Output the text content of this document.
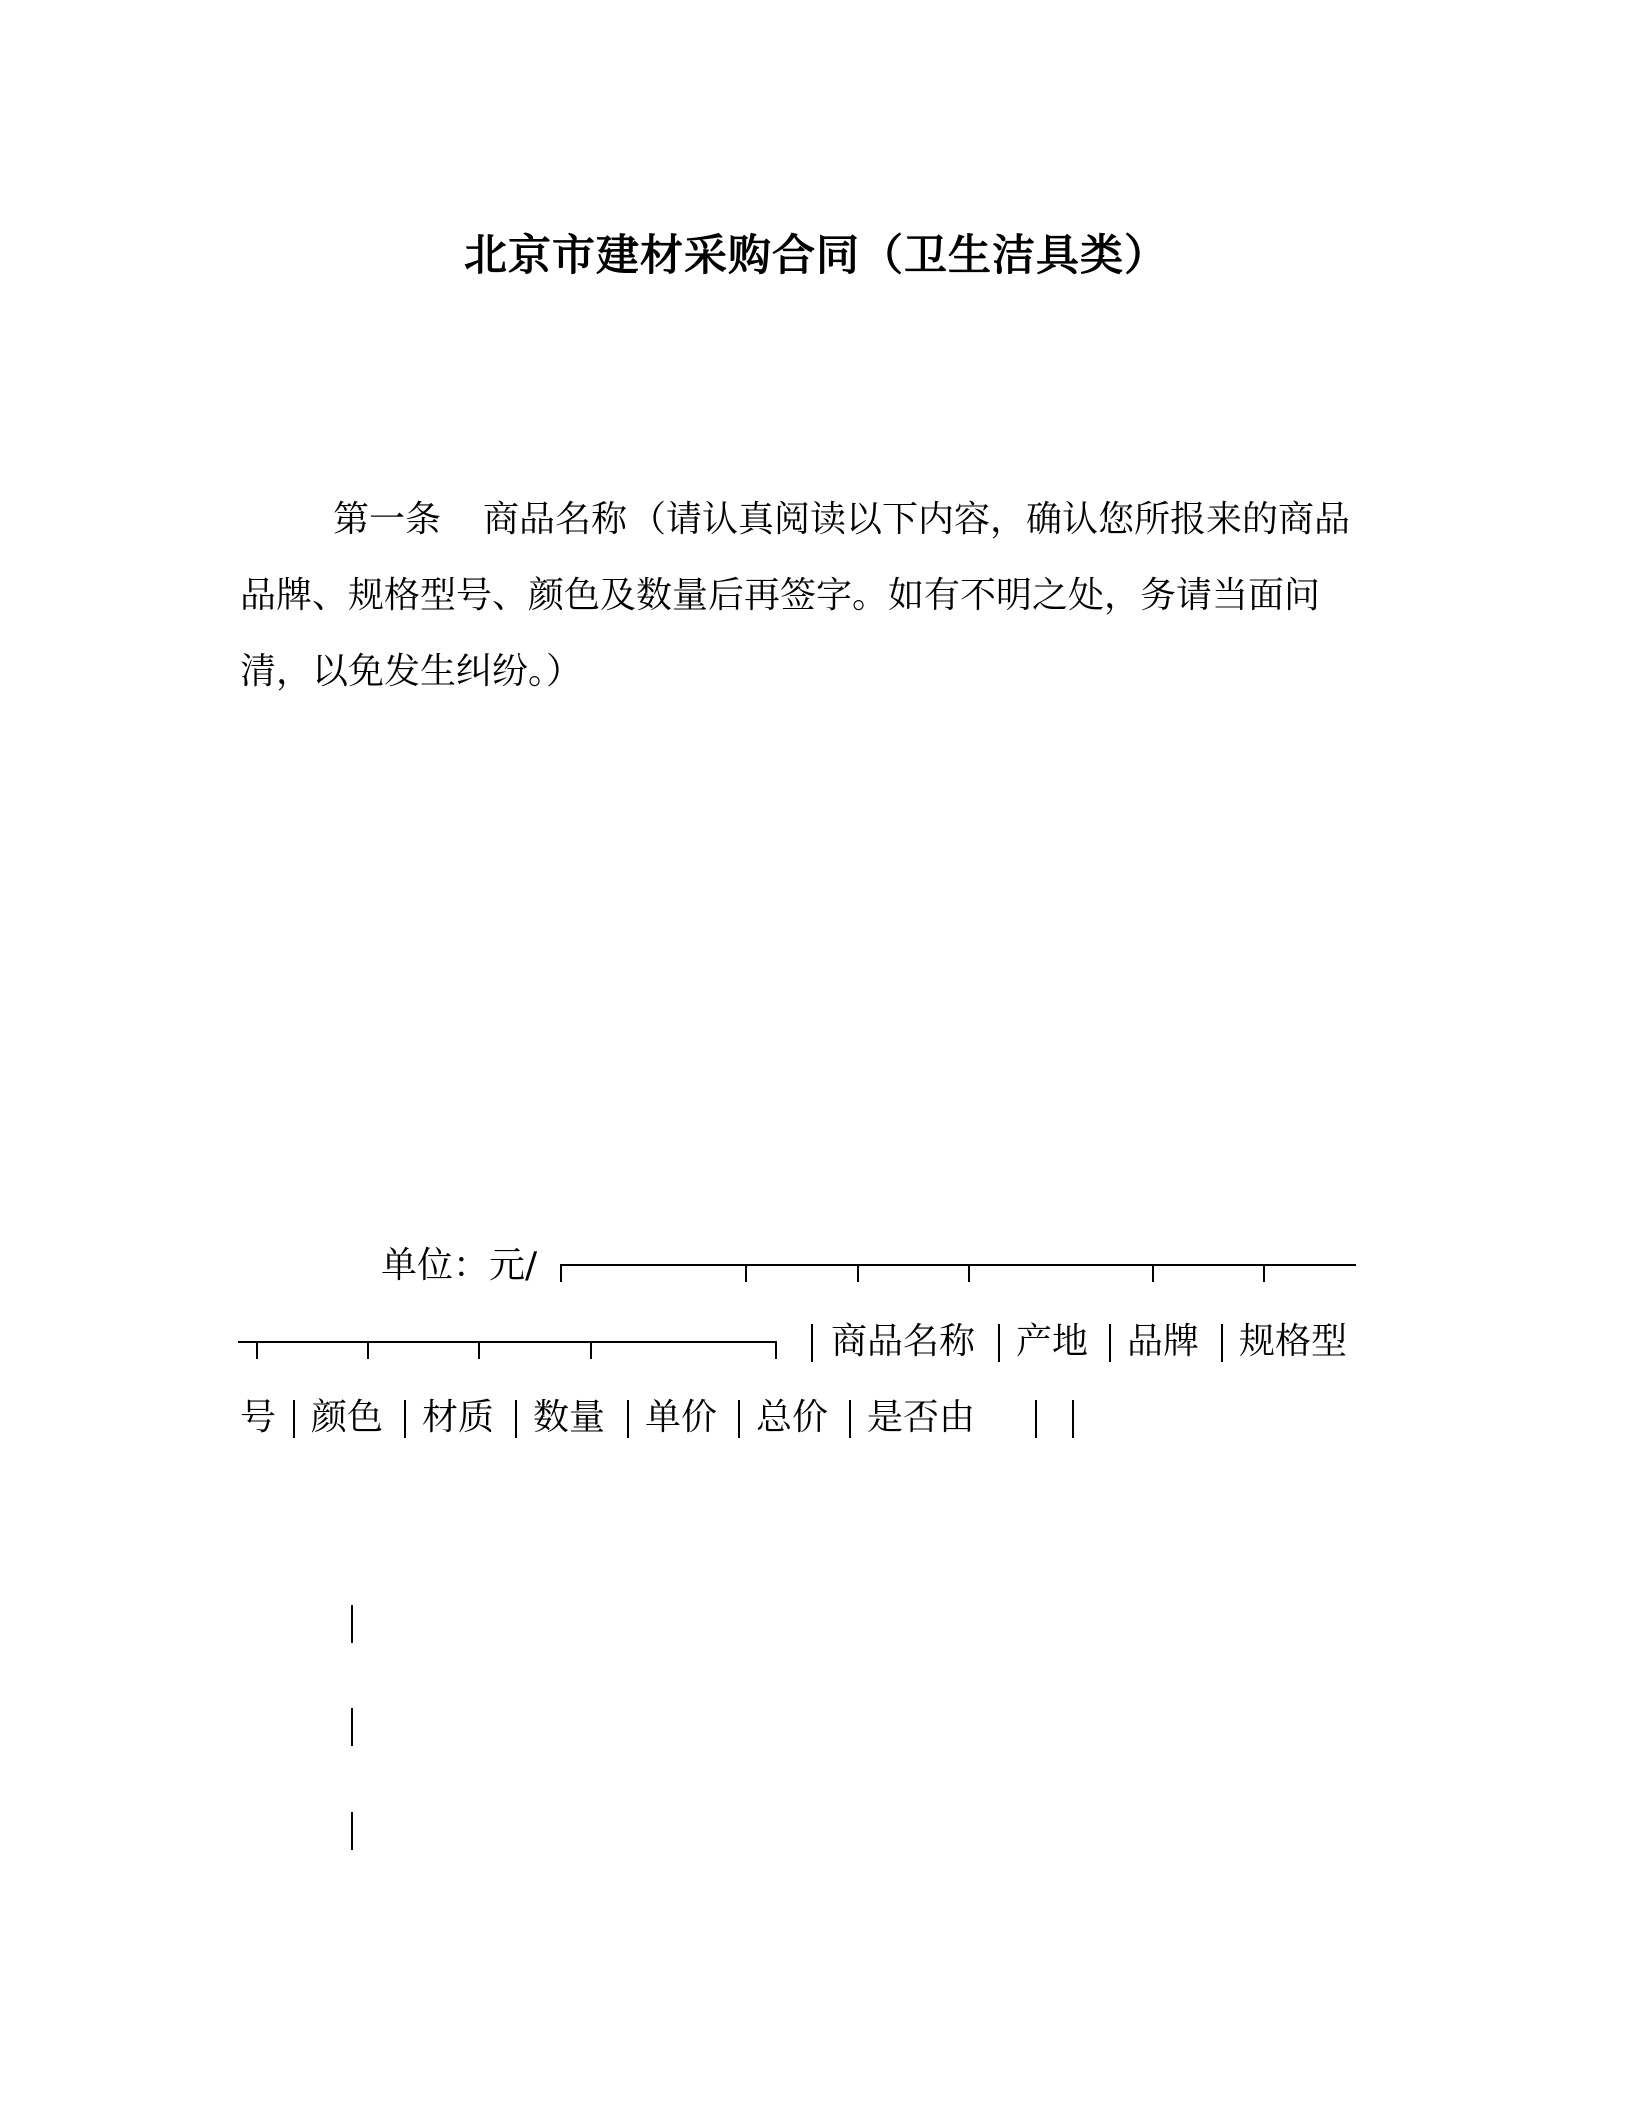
北京市建材采购合同（卫生洁具类）
第一条 商品名称 （请认真阅读以下内容，确认您所报来的商品
品牌、规格型号、颜色及数量后再签字。如有不明之处，务请当面问
清，以免发生纠纷。）
单位：元/
商品名称 产地 品牌 规格型
号 颜色 材质 数量 单价 总价 是否由
